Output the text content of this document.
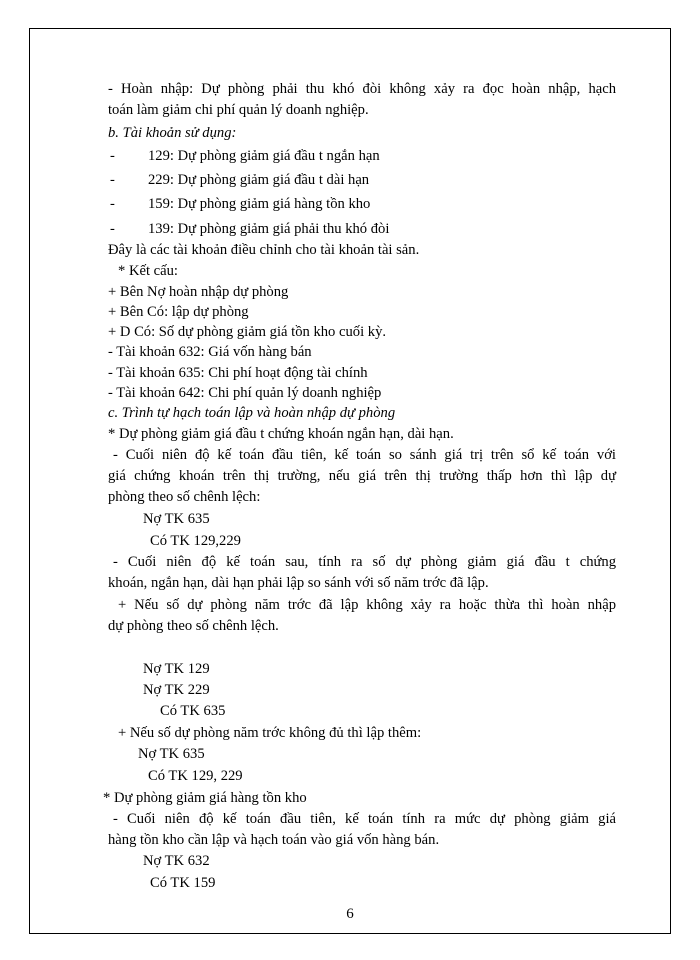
- Hoàn nhập: Dự phòng phải thu khó đòi không xảy ra đọc hoàn nhập, hạch
toán làm giảm chi phí quản lý doanh nghiệp.
b. Tài khoản sử dụng:
- 129: Dự phòng giảm giá đầu t ngắn hạn
- 229: Dự phòng giảm giá đầu t dài hạn
- 159: Dự phòng giảm giá hàng tồn kho
- 139: Dự phòng giảm giá phải thu khó đòi
Đây là các tài khoản điều chỉnh cho tài khoản tài sản.
* Kết cấu:
+ Bên Nợ hoàn nhập dự phòng
+ Bên Có: lập dự phòng
+ D Có: Số dự phòng giảm giá tồn kho cuối kỳ.
- Tài khoản 632: Giá vốn hàng bán
- Tài khoản 635: Chi phí hoạt động tài chính
- Tài khoản 642: Chi phí quản lý doanh nghiệp
c. Trình tự hạch toán lập và hoàn nhập dự phòng
* Dự phòng giảm giá đầu t chứng khoán ngắn hạn, dài hạn.
- Cuối niên độ kế toán đầu tiên, kế toán so sánh giá trị trên sổ kế toán với
giá chứng khoán trên thị trường, nếu giá trên thị trường thấp hơn thì lập dự
phòng theo số chênh lệch:
Nợ TK 635
Có TK 129,229
- Cuối niên độ kế toán sau, tính ra số dự phòng giảm giá đầu t chứng
khoán, ngắn hạn, dài hạn phải lập so sánh với số năm trớc đã lập.
+ Nếu số dự phòng năm trớc đã lập không xảy ra hoặc thừa thì hoàn nhập
dự phòng theo số chênh lệch.
Nợ TK 129
Nợ TK 229
Có TK 635
+ Nếu số dự phòng năm trớc không đủ thì lập thêm:
Nợ TK 635
Có TK 129, 229
* Dự phòng giảm giá hàng tồn kho
- Cuối niên độ kế toán đầu tiên, kế toán tính ra mức dự phòng giảm giá
hàng tồn kho cần lập và hạch toán vào giá vốn hàng bán.
Nợ TK 632
Có TK 159
6
